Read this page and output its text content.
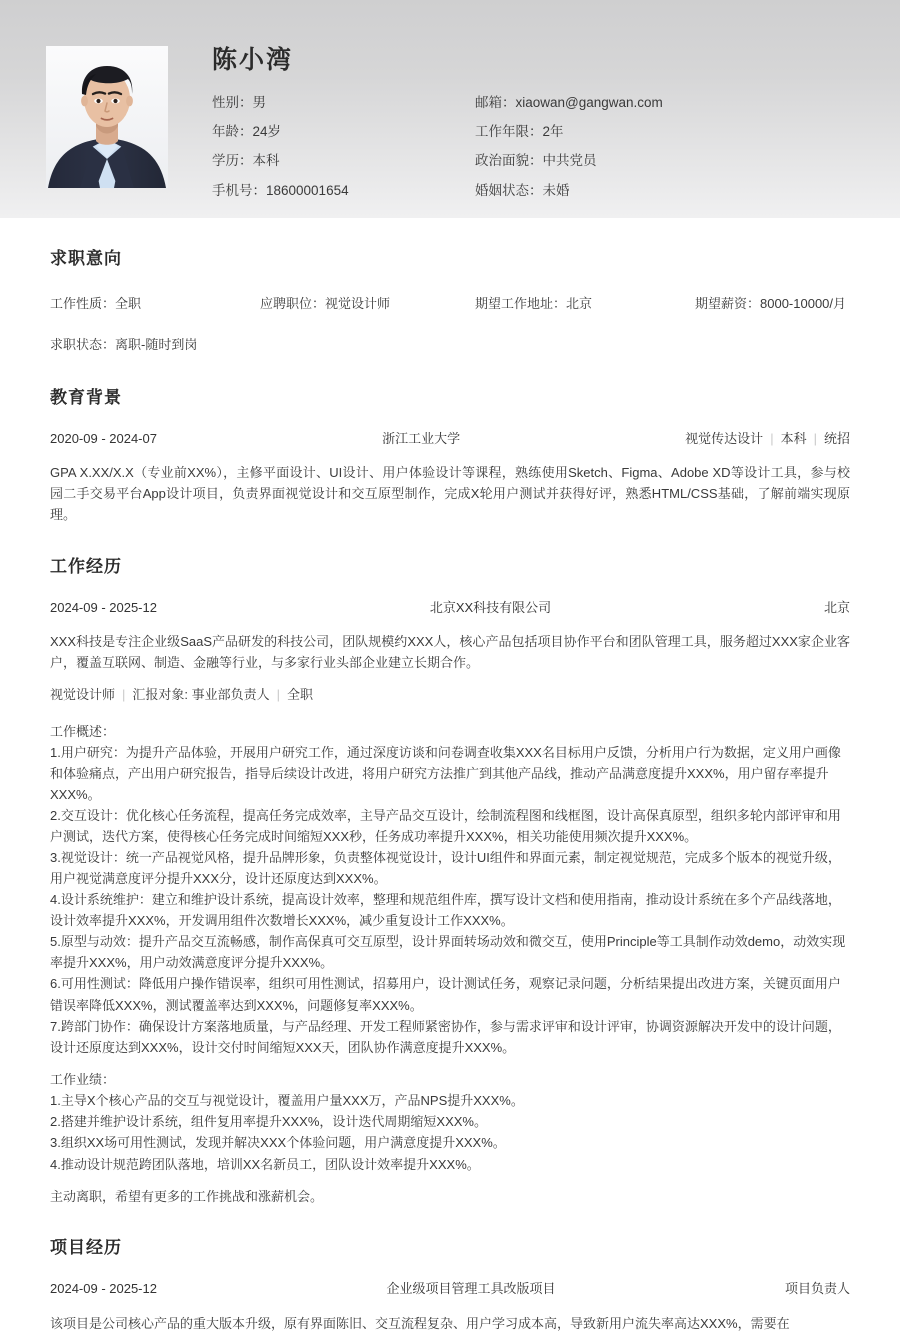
陈小湾
性别：男	邮箱：xiaowan@gangwan.com
年龄：24岁	工作年限：2年
学历：本科	政治面貌：中共党员
手机号：18600001654	婚姻状态：未婚
求职意向
工作性质：全职	应聘职位：视觉设计师	期望工作地址：北京	期望薪资：8000-10000/月
求职状态：离职-随时到岗
教育背景
2020-09 - 2024-07	浙江工业大学	视觉传达设计 | 本科 | 统招
GPA X.XX/X.X（专业前XX%），主修平面设计、UI设计、用户体验设计等课程，熟练使用Sketch、Figma、Adobe XD等设计工具，参与校园二手交易平台App设计项目，负责界面视觉设计和交互原型制作，完成X轮用户测试并获得好评，熟悉HTML/CSS基础，了解前端实现原理。
工作经历
2024-09 - 2025-12	北京XX科技有限公司	北京
XXX科技是专注企业级SaaS产品研发的科技公司，团队规模约XXX人，核心产品包括项目协作平台和团队管理工具，服务超过XXX家企业客户，覆盖互联网、制造、金融等行业，与多家行业头部企业建立长期合作。
视觉设计师 | 汇报对象: 事业部负责人 | 全职
工作概述：
1.用户研究：为提升产品体验，开展用户研究工作，通过深度访谈和问卷调查收集XXX名目标用户反馈，分析用户行为数据，定义用户画像和体验痛点，产出用户研究报告，指导后续设计改进，将用户研究方法推广到其他产品线，推动产品满意度提升XXX%，用户留存率提升XXX%。
2.交互设计：优化核心任务流程，提高任务完成效率，主导产品交互设计，绘制流程图和线框图，设计高保真原型，组织多轮内部评审和用户测试，迭代方案，使得核心任务完成时间缩短XXX秒，任务成功率提升XXX%，相关功能使用频次提升XXX%。
3.视觉设计：统一产品视觉风格，提升品牌形象，负责整体视觉设计，设计UI组件和界面元素，制定视觉规范，完成多个版本的视觉升级，用户视觉满意度评分提升XXX分，设计还原度达到XXX%。
4.设计系统维护：建立和维护设计系统，提高设计效率，整理和规范组件库，撰写设计文档和使用指南，推动设计系统在多个产品线落地，设计效率提升XXX%，开发调用组件次数增长XXX%，减少重复设计工作XXX%。
5.原型与动效：提升产品交互流畅感，制作高保真可交互原型，设计界面转场动效和微交互，使用Principle等工具制作动效demo，动效实现率提升XXX%，用户动效满意度评分提升XXX%。
6.可用性测试：降低用户操作错误率，组织可用性测试，招募用户，设计测试任务，观察记录问题，分析结果提出改进方案，关键页面用户错误率降低XXX%，测试覆盖率达到XXX%，问题修复率XXX%。
7.跨部门协作：确保设计方案落地质量，与产品经理、开发工程师紧密协作，参与需求评审和设计评审，协调资源解决开发中的设计问题，设计还原度达到XXX%，设计交付时间缩短XXX天，团队协作满意度提升XXX%。
工作业绩：
1.主导X个核心产品的交互与视觉设计，覆盖用户量XXX万，产品NPS提升XXX%。
2.搭建并维护设计系统，组件复用率提升XXX%，设计迭代周期缩短XXX%。
3.组织XX场可用性测试，发现并解决XXX个体验问题，用户满意度提升XXX%。
4.推动设计规范跨团队落地，培训XX名新员工，团队设计效率提升XXX%。
主动离职，希望有更多的工作挑战和涨薪机会。
项目经历
2024-09 - 2025-12	企业级项目管理工具改版项目	项目负责人
该项目是公司核心产品的重大版本升级，原有界面陈旧、交互流程复杂、用户学习成本高，导致新用户流失率高达XXX%，需要在
